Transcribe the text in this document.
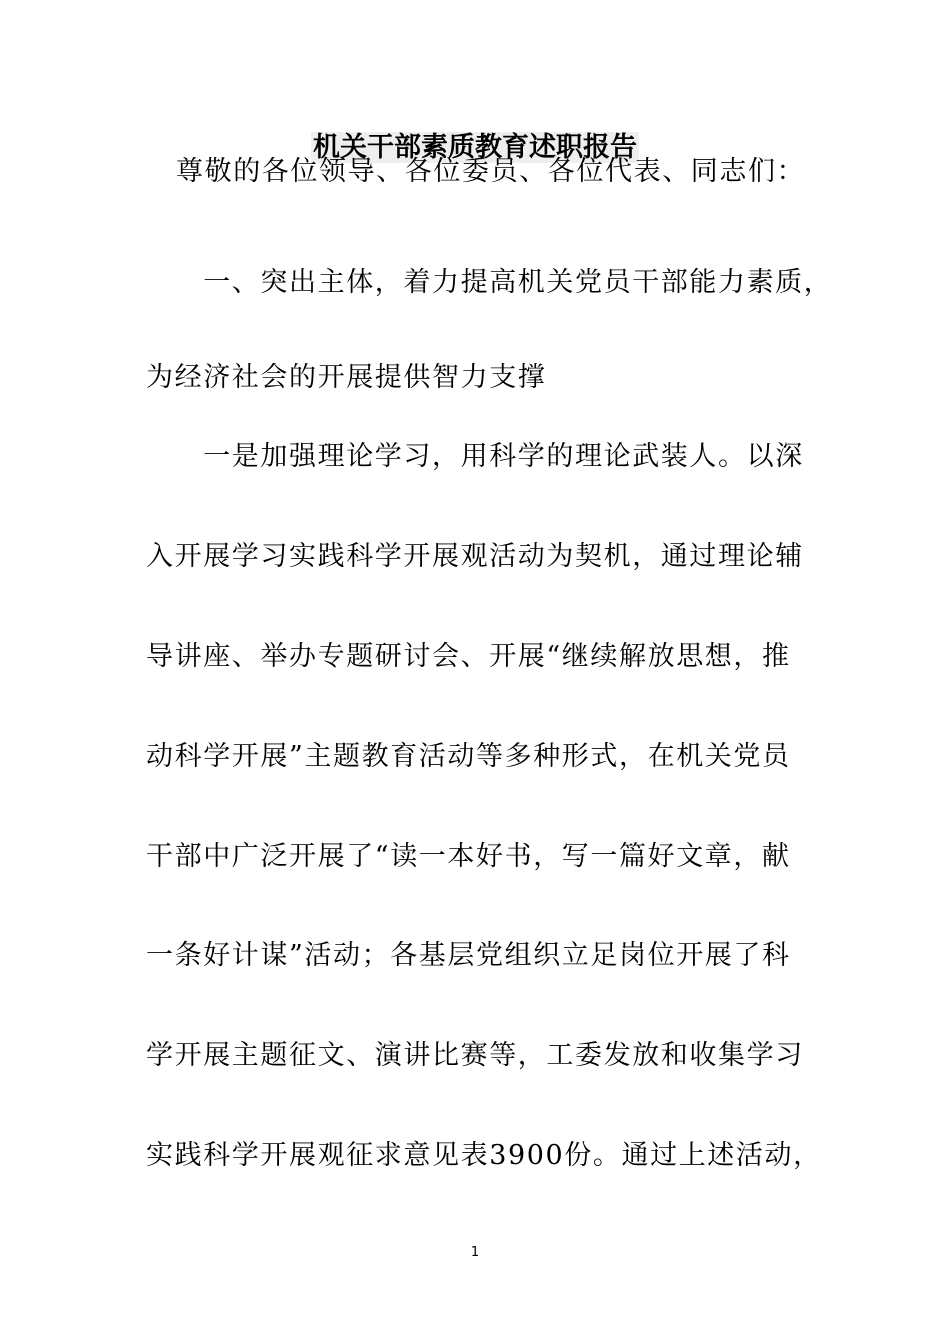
机关干部素质教育述职报告
尊敬的各位领导、各位委员、各位代表、同志们：
　　一、突出主体，着力提高机关党员干部能力素质，
为经济社会的开展提供智力支撑
　　一是加强理论学习，用科学的理论武装人。以深
入开展学习实践科学开展观活动为契机，通过理论辅
导讲座、举办专题研讨会、开展“继续解放思想，推
动科学开展”主题教育活动等多种形式，在机关党员
干部中广泛开展了“读一本好书，写一篇好文章，献
一条好计谋”活动；各基层党组织立足岗位开展了科
学开展主题征文、演讲比赛等，工委发放和收集学习
实践科学开展观征求意见表3900份。通过上述活动，
1
